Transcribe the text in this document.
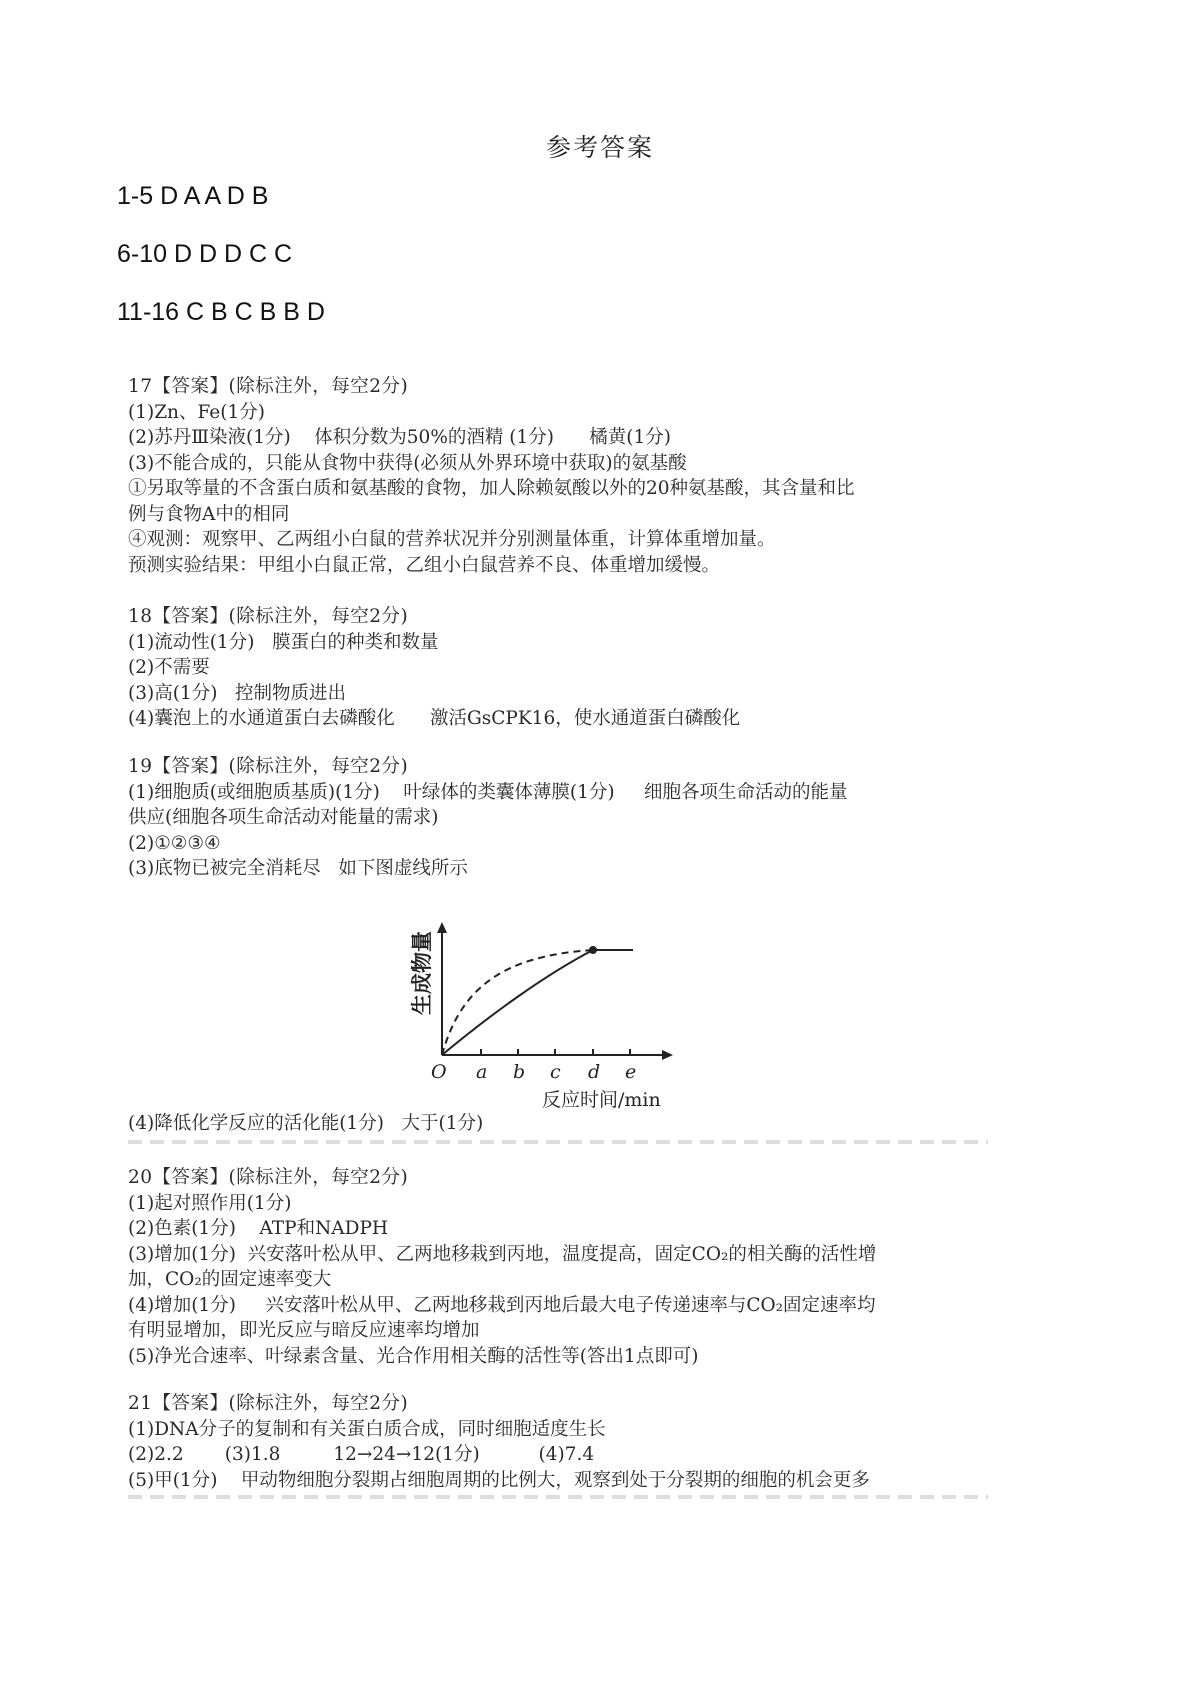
参考答案
1-5 D A A D B
6-10 D D D C C
11-16 C B C B B D

17【答案】(除标注外，每空2分)

(1)Zn、Fe(1分)

(2)苏丹Ⅲ染液(1分)    体积分数为50%的酒精 (1分)      橘黄(1分)

(3)不能合成的，只能从食物中获得(必须从外界环境中获取)的氨基酸

①另取等量的不含蛋白质和氨基酸的食物，加人除赖氨酸以外的20种氨基酸，其含量和比

例与食物A中的相同

④观测：观察甲、乙两组小白鼠的营养状况并分别测量体重，计算体重增加量。

预测实验结果：甲组小白鼠正常，乙组小白鼠营养不良、体重增加缓慢。

18【答案】(除标注外，每空2分)

(1)流动性(1分)   膜蛋白的种类和数量

(2)不需要

(3)高(1分)   控制物质进出

(4)囊泡上的水通道蛋白去磷酸化      激活GsCPK16，使水通道蛋白磷酸化

19【答案】(除标注外，每空2分)

(1)细胞质(或细胞质基质)(1分)    叶绿体的类囊体薄膜(1分)     细胞各项生命活动的能量

供应(细胞各项生命活动对能量的需求)

(2)①②③④

(3)底物已被完全消耗尽   如下图虚线所示

生成物量
O a b c d e
反应时间/min

(4)降低化学反应的活化能(1分)   大于(1分)

20【答案】(除标注外，每空2分)

(1)起对照作用(1分)

(2)色素(1分)    ATP和NADPH

(3)增加(1分)  兴安落叶松从甲、乙两地移栽到丙地，温度提高，固定CO₂的相关酶的活性增

加，CO₂的固定速率变大

(4)增加(1分)     兴安落叶松从甲、乙两地移栽到丙地后最大电子传递速率与CO₂固定速率均

有明显增加，即光反应与暗反应速率均增加

(5)净光合速率、叶绿素含量、光合作用相关酶的活性等(答出1点即可)

21【答案】(除标注外，每空2分)

(1)DNA分子的复制和有关蛋白质合成，同时细胞适度生长

(2)2.2       (3)1.8         12→24→12(1分)          (4)7.4

(5)甲(1分)    甲动物细胞分裂期占细胞周期的比例大，观察到处于分裂期的细胞的机会更多
